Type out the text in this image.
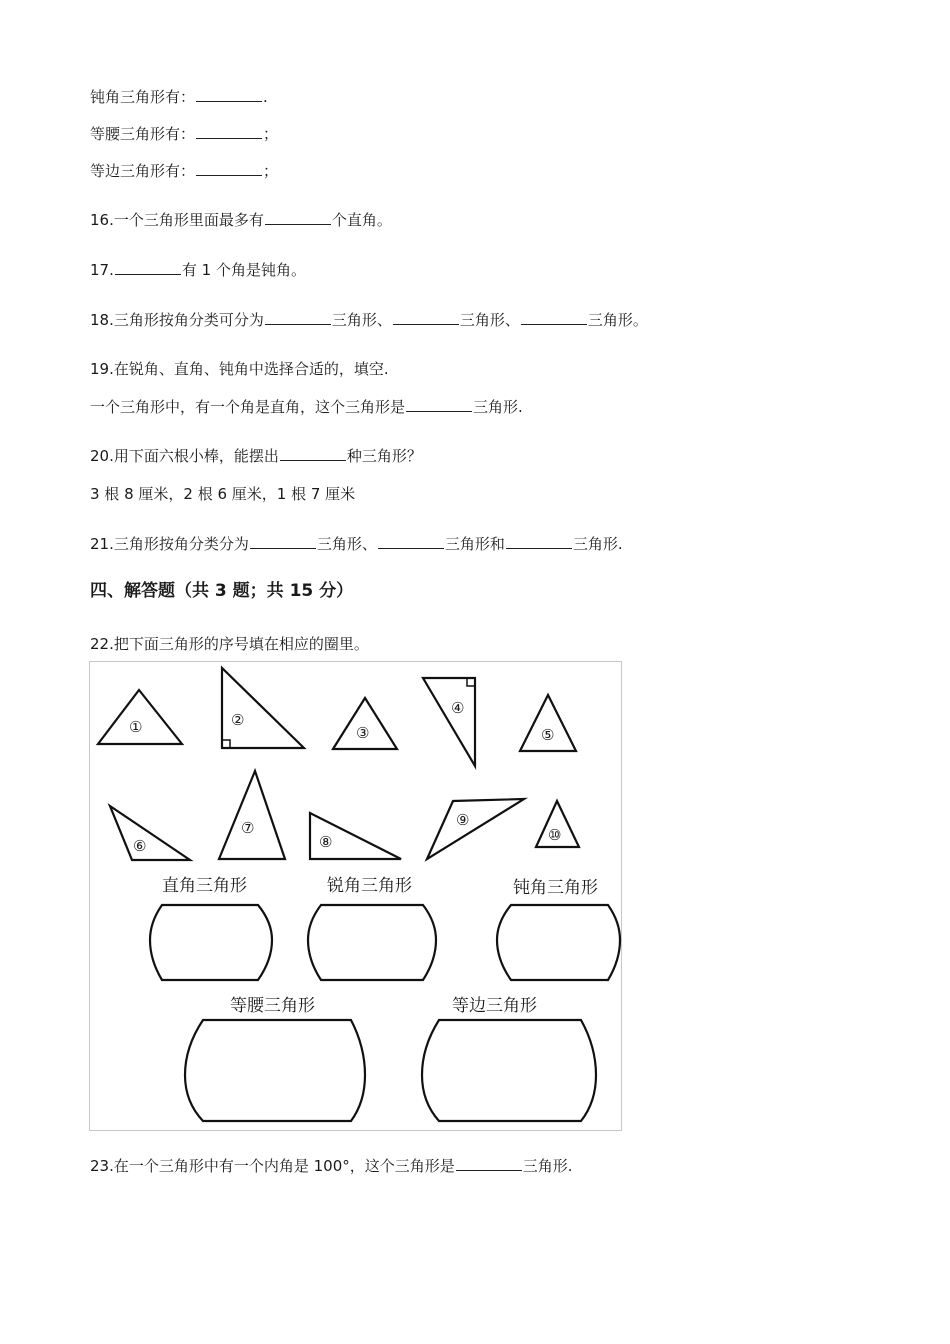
钝角三角形有：	.
等腰三角形有：	；
等边三角形有：	；
16.一个三角形里面最多有	个直角。
17.	有 1 个角是钝角。
18.三角形按角分类可分为	三角形、	三角形、	三角形。
19.在锐角、直角、钝角中选择合适的，填空.
一个三角形中，有一个角是直角，这个三角形是	三角形.
20.用下面六根小棒，能摆出	种三角形？
3 根 8 厘米，2 根 6 厘米，1 根 7 厘米
21.三角形按角分类分为	三角形、	三角形和	三角形.
四、解答题（共 3 题；共 15 分）
22.把下面三角形的序号填在相应的圈里。
①	②
③
④
⑤
⑥
⑦
⑧
⑨
⑩
直角三角形	锐角三角形	钝角三角形
等腰三角形	等边三角形
23.在一个三角形中有一个内角是 100°，这个三角形是	三角形.
